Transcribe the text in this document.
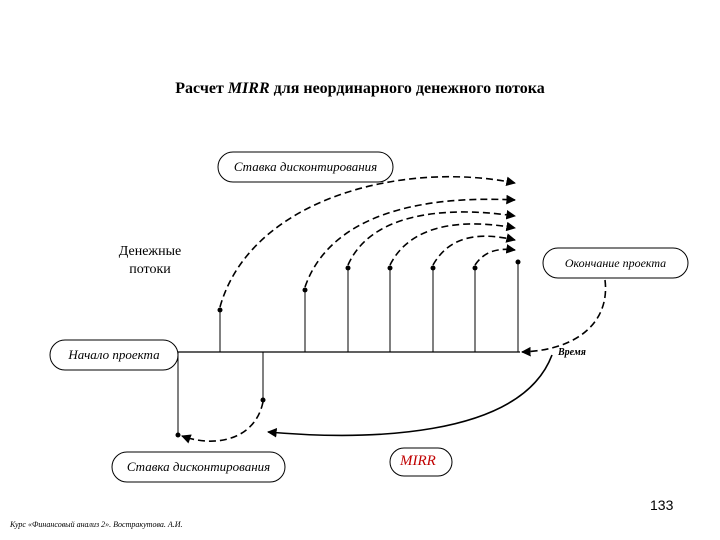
Расчет MIRR для неординарного денежного потока
Ставка дисконтирования
Денежные
потоки	Окончание проекта
Начало проекта	Время
Ставка дисконтирования	MIRR
133
Курс «Финансовый анализ 2». Востракутова. А.И.
